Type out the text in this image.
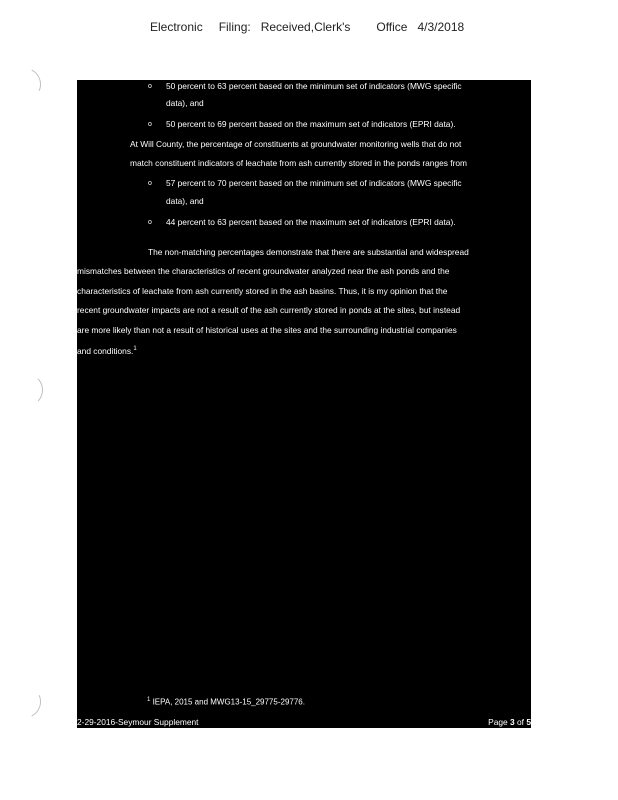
Electronic Filing: Received,Clerk's Office 4/3/2018
o 50 percent to 63 percent based on the minimum set of indicators (MWG specific
data), and
o 50 percent to 69 percent based on the maximum set of indicators (EPRI data).
At Will County, the percentage of constituents at groundwater monitoring wells that do not
match constituent indicators of leachate from ash currently stored in the ponds ranges from
o 57 percent to 70 percent based on the minimum set of indicators (MWG specific
data), and
o 44 percent to 63 percent based on the maximum set of indicators (EPRI data).
The non-matching percentages demonstrate that there are substantial and widespread
mismatches between the characteristics of recent groundwater analyzed near the ash ponds and the
characteristics of leachate from ash currently stored in the ash basins. Thus, it is my opinion that the
recent groundwater impacts are not a result of the ash currently stored in ponds at the sites, but instead
are more likely than not a result of historical uses at the sites and the surrounding industrial companies
and conditions.$^1$
$^1$ IEPA, 2015 and MWG13-15_29775-29776.
2-29-2016-Seymour Supplement	Page 3 of 5
